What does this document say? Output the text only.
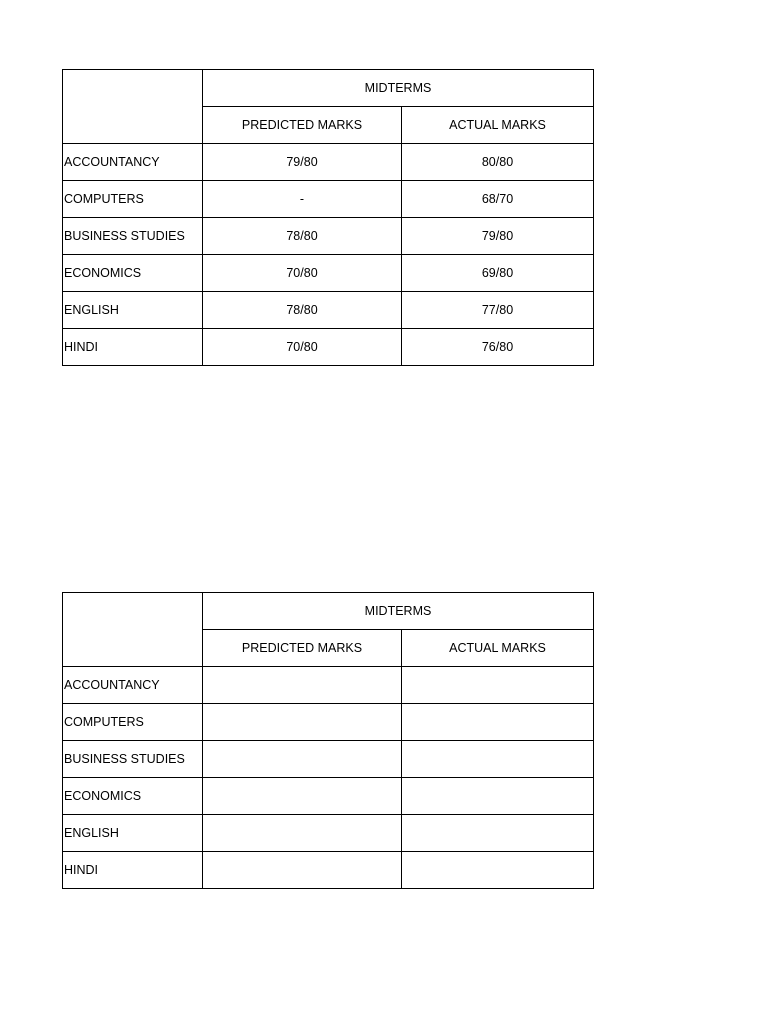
	MIDTERMS	
	PREDICTED MARKS	ACTUAL MARKS
ACCOUNTANCY	79/80	80/80
COMPUTERS	-	68/70
BUSINESS STUDIES	78/80	79/80
ECONOMICS	70/80	69/80
ENGLISH	78/80	77/80
HINDI	70/80	76/80
	MIDTERMS	
	PREDICTED MARKS	ACTUAL MARKS
ACCOUNTANCY		
COMPUTERS		
BUSINESS STUDIES		
ECONOMICS		
ENGLISH		
HINDI		
